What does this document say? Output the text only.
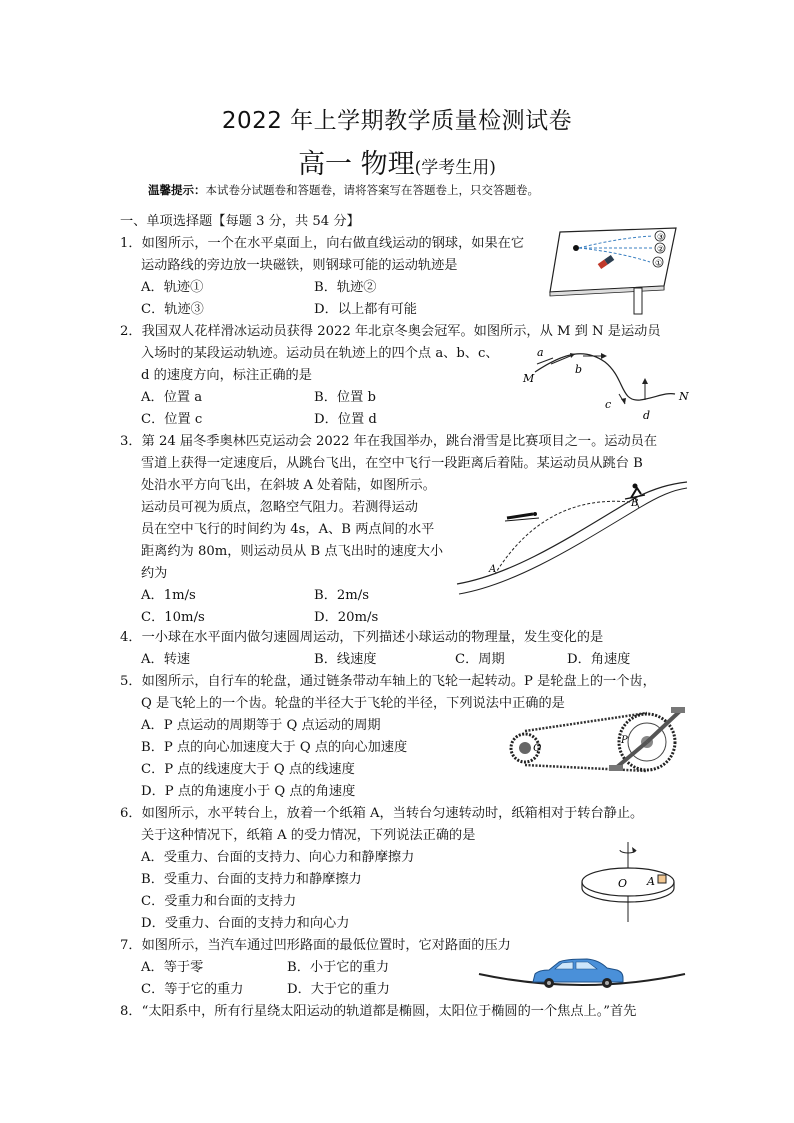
2022 年上学期教学质量检测试卷
高一 物理(学考生用)
温馨提示：本试卷分试题卷和答题卷，请将答案写在答题卷上，只交答题卷。
一、单项选择题【每题 3 分，共 54 分】
1．如图所示，一个在水平桌面上，向右做直线运动的钢球，如果在它
运动路线的旁边放一块磁铁，则钢球可能的运动轨迹是
A．轨迹①	B．轨迹②
C．轨迹③	D．以上都有可能
③
②
①
2．我国双人花样滑冰运动员获得 2022 年北京冬奥会冠军。如图所示，从 M 到 N 是运动员
入场时的某段运动轨迹。运动员在轨迹上的四个点 a、b、c、
d 的速度方向，标注正确的是
A．位置 a	B．位置 b
C．位置 c	D．位置 d
a
b
c
d
M
N
3．第 24 届冬季奥林匹克运动会 2022 年在我国举办，跳台滑雪是比赛项目之一。运动员在
雪道上获得一定速度后，从跳台飞出，在空中飞行一段距离后着陆。某运动员从跳台 B
处沿水平方向飞出，在斜坡 A 处着陆，如图所示。
运动员可视为质点，忽略空气阻力。若测得运动
员在空中飞行的时间约为 4s，A、B 两点间的水平
距离约为 80m，则运动员从 B 点飞出时的速度大小
约为
A．1m/s	B．2m/s
C．10m/s	D．20m/s
B
A
4．一小球在水平面内做匀速圆周运动，下列描述小球运动的物理量，发生变化的是
A．转速	B．线速度	C．周期	D．角速度
5．如图所示，自行车的轮盘，通过链条带动车轴上的飞轮一起转动。P 是轮盘上的一个齿，
Q 是飞轮上的一个齿。轮盘的半径大于飞轮的半径，下列说法中正确的是
A．P 点运动的周期等于 Q 点运动的周期
B．P 点的向心加速度大于 Q 点的向心加速度
C．P 点的线速度大于 Q 点的线速度
D．P 点的角速度小于 Q 点的角速度
Q
P
6．如图所示，水平转台上，放着一个纸箱 A，当转台匀速转动时，纸箱相对于转台静止。
关于这种情况下，纸箱 A 的受力情况，下列说法正确的是
A．受重力、台面的支持力、向心力和静摩擦力
B．受重力、台面的支持力和静摩擦力
C．受重力和台面的支持力
D．受重力、台面的支持力和向心力
O A
7．如图所示，当汽车通过凹形路面的最低位置时，它对路面的压力
A．等于零	B．小于它的重力
C．等于它的重力	D．大于它的重力
8．“太阳系中，所有行星绕太阳运动的轨道都是椭圆，太阳位于椭圆的一个焦点上。”首先
